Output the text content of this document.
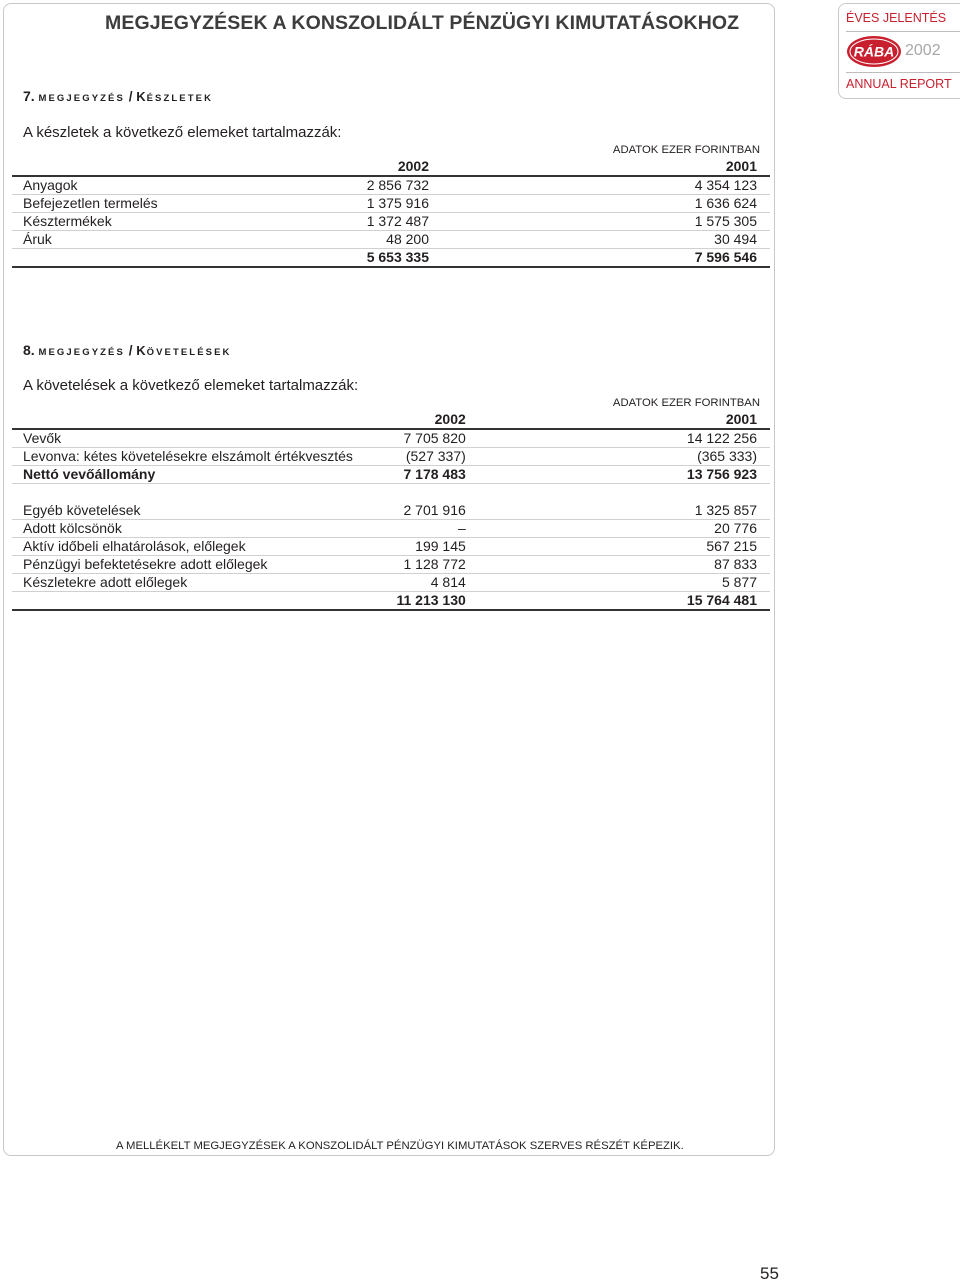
MEGJEGYZÉSEK A KONSZOLIDÁLT PÉNZÜGYI KIMUTATÁSOKHOZ	ÉVES JELENTÉS
RÁBA 2002
ANNUAL REPORT
7. MEGJEGYZÉS / KÉSZLETEK
A készletek a következő elemeket tartalmazzák:
ADATOK EZER FORINTBAN
	2002	2001
Anyagok	2 856 732	4 354 123
Befejezetlen termelés	1 375 916	1 636 624
Késztermékek	1 372 487	1 575 305
Áruk	48 200	30 494
	5 653 335	7 596 546
8. MEGJEGYZÉS / KÖVETELÉSEK
A követelések a következő elemeket tartalmazzák:
ADATOK EZER FORINTBAN
	2002	2001
Vevők	7 705 820	14 122 256
Levonva: kétes követelésekre elszámolt értékvesztés	(527 337)	(365 333)
Nettó vevőállomány	7 178 483	13 756 923

Egyéb követelések	2 701 916	1 325 857
Adott kölcsönök	–	20 776
Aktív időbeli elhatárolások, előlegek	199 145	567 215
Pénzügyi befektetésekre adott előlegek	1 128 772	87 833
Készletekre adott előlegek	4 814	5 877
	11 213 130	15 764 481
A MELLÉKELT MEGJEGYZÉSEK A KONSZOLIDÁLT PÉNZÜGYI KIMUTATÁSOK SZERVES RÉSZÉT KÉPEZIK.
55
